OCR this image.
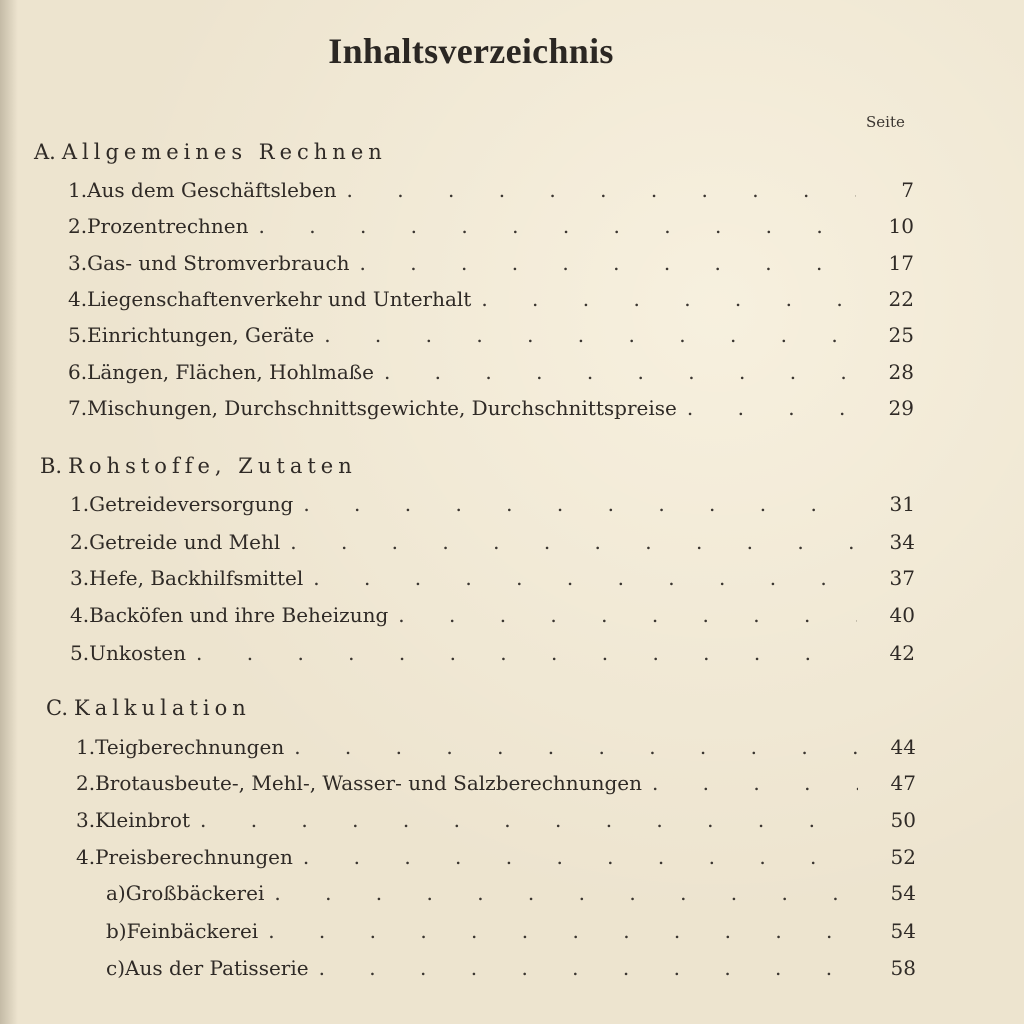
Inhaltsverzeichnis
Seite
A. Allgemeines Rechnen
1. Aus dem Geschäftsleben . . .	7
2. Prozentrechnen . . .	10
3. Gas- und Stromverbrauch . . .	17
4. Liegenschaftenverkehr und Unterhalt . . .	22
5. Einrichtungen, Geräte . . .	25
6. Längen, Flächen, Hohlmaße . . .	28
7. Mischungen, Durchschnittsgewichte, Durchschnittspreise . . .	29
B. Rohstoffe, Zutaten
1. Getreideversorgung . . .	31
2. Getreide und Mehl . . .	34
3. Hefe, Backhilfsmittel . . .	37
4. Backöfen und ihre Beheizung . . .	40
5. Unkosten . . .	42
C. Kalkulation
1. Teigberechnungen . . .	44
2. Brotausbeute-, Mehl-, Wasser- und Salzberechnungen . . .	47
3. Kleinbrot . . .	50
4. Preisberechnungen . . .	52
a) Großbäckerei . . .	54
b) Feinbäckerei . . .	54
c) Aus der Patisserie . . .	58
